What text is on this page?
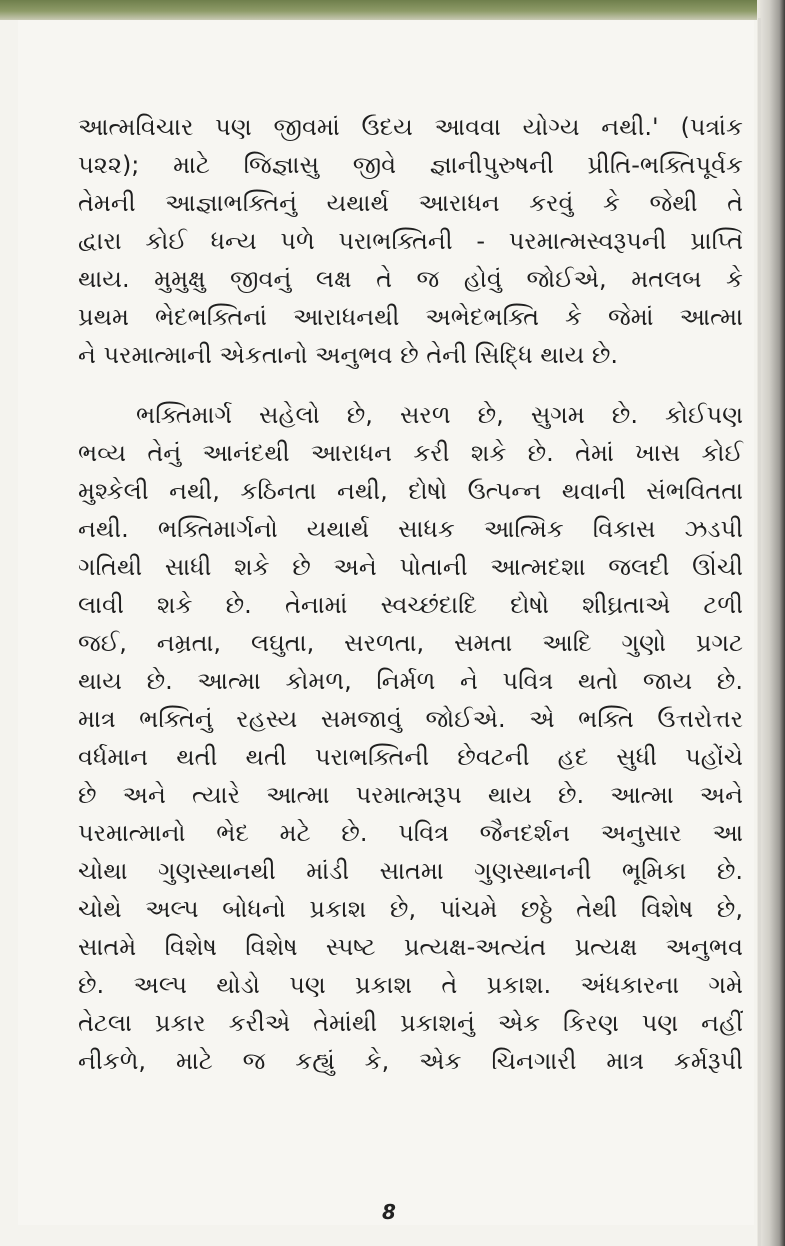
આત્મવિચાર પણ જીવમાં ઉદય આવવા યોગ્ય નથી.' (પત્રાંક
૫૨૨); માટે જિજ્ઞાસુ જીવે જ્ઞાનીપુરુષની પ્રીતિ-ભક્તિપૂર્વક
તેમની આજ્ઞાભક્તિનું યથાર્થ આરાધન કરવું કે જેથી તે
દ્વારા કોઈ ધન્ય પળે પરાભક્તિની - પરમાત્મસ્વરૂપની પ્રાપ્તિ
થાય. મુમુક્ષુ જીવનું લક્ષ તે જ હોવું જોઈએ, મતલબ કે
પ્રથમ ભેદભક્તિનાં આરાધનથી અભેદભક્તિ કે જેમાં આત્મા
ને પરમાત્માની એકતાનો અનુભવ છે તેની સિદ્ધિ થાય છે.
ભક્તિમાર્ગ સહેલો છે, સરળ છે, સુગમ છે. કોઈપણ
ભવ્ય તેનું આનંદથી આરાધન કરી શકે છે. તેમાં ખાસ કોઈ
મુશ્કેલી નથી, કઠિનતા નથી, દોષો ઉત્પન્ન થવાની સંભવિતતા
નથી. ભક્તિમાર્ગનો યથાર્થ સાધક આત્મિક વિકાસ ઝડપી
ગતિથી સાધી શકે છે અને પોતાની આત્મદશા જલદી ઊંચી
લાવી શકે છે. તેનામાં સ્વચ્છંદાદિ દોષો શીઘ્રતાએ ટળી
જઈ, નમ્રતા, લઘુતા, સરળતા, સમતા આદિ ગુણો પ્રગટ
થાય છે. આત્મા કોમળ, નિર્મળ ને પવિત્ર થતો જાય છે.
માત્ર ભક્તિનું રહસ્ય સમજાવું જોઈએ. એ ભક્તિ ઉત્તરોત્તર
વર્ધમાન થતી થતી પરાભક્તિની છેવટની હદ સુધી પહોંચે
છે અને ત્યારે આત્મા પરમાત્મરૂપ થાય છે. આત્મા અને
પરમાત્માનો ભેદ મટે છે. પવિત્ર જૈનદર્શન અનુસાર આ
ચોથા ગુણસ્થાનથી માંડી સાતમા ગુણસ્થાનની ભૂમિકા છે.
ચોથે અલ્પ બોધનો પ્રકાશ છે, પાંચમે છઠ્ઠે તેથી વિશેષ છે,
સાતમે વિશેષ વિશેષ સ્પષ્ટ પ્રત્યક્ષ-અત્યંત પ્રત્યક્ષ અનુભવ
છે. અલ્પ થોડો પણ પ્રકાશ તે પ્રકાશ. અંધકારના ગમે
તેટલા પ્રકાર કરીએ તેમાંથી પ્રકાશનું એક કિરણ પણ નહીં
નીકળે, માટે જ કહ્યું કે, એક ચિનગારી માત્ર કર્મરૂપી
8
